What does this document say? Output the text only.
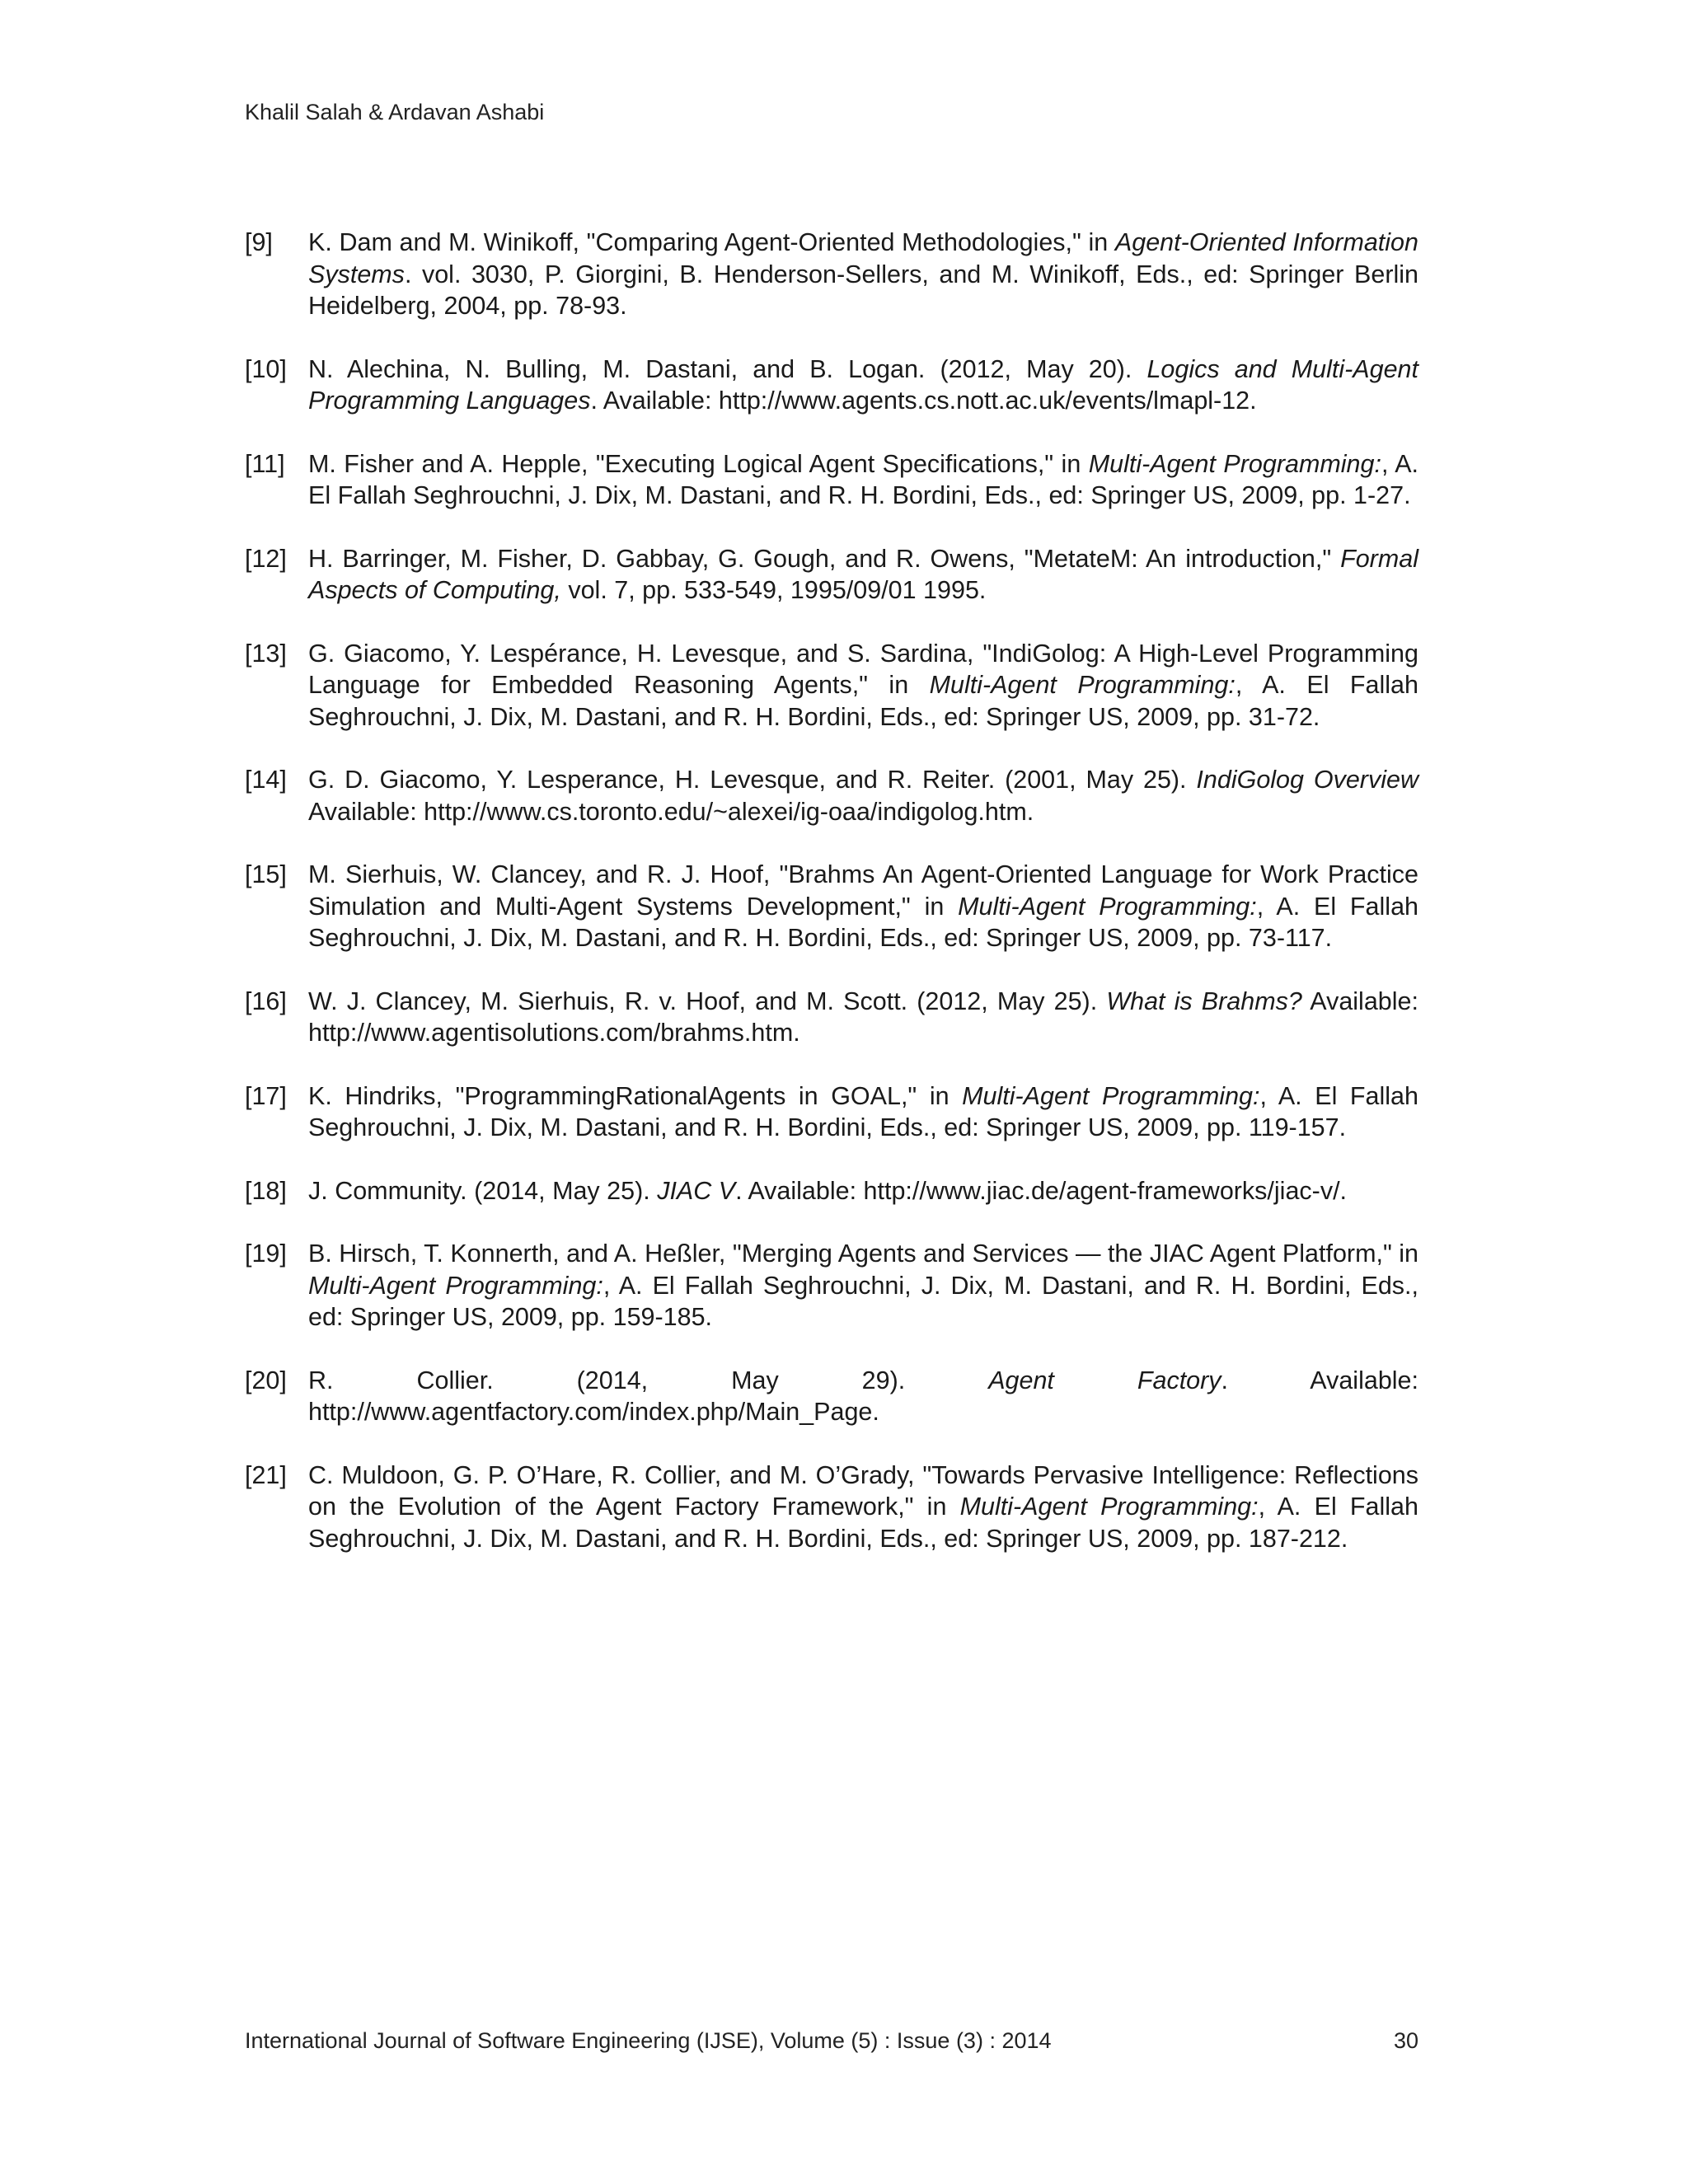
Khalil Salah & Ardavan Ashabi
[9]	K. Dam and M. Winikoff, "Comparing Agent-Oriented Methodologies," in Agent-Oriented Information Systems. vol. 3030, P. Giorgini, B. Henderson-Sellers, and M. Winikoff, Eds., ed: Springer Berlin Heidelberg, 2004, pp. 78-93.
[10] N. Alechina, N. Bulling, M. Dastani, and B. Logan. (2012, May 20). Logics and Multi-Agent Programming Languages. Available: http://www.agents.cs.nott.ac.uk/events/lmapl-12.
[11] M. Fisher and A. Hepple, "Executing Logical Agent Specifications," in Multi-Agent Programming:, A. El Fallah Seghrouchni, J. Dix, M. Dastani, and R. H. Bordini, Eds., ed: Springer US, 2009, pp. 1-27.
[12] H. Barringer, M. Fisher, D. Gabbay, G. Gough, and R. Owens, "MetateM: An introduction," Formal Aspects of Computing, vol. 7, pp. 533-549, 1995/09/01 1995.
[13] G. Giacomo, Y. Lespérance, H. Levesque, and S. Sardina, "IndiGolog: A High-Level Programming Language for Embedded Reasoning Agents," in Multi-Agent Programming:, A. El Fallah Seghrouchni, J. Dix, M. Dastani, and R. H. Bordini, Eds., ed: Springer US, 2009, pp. 31-72.
[14] G. D. Giacomo, Y. Lesperance, H. Levesque, and R. Reiter. (2001, May 25). IndiGolog Overview Available: http://www.cs.toronto.edu/~alexei/ig-oaa/indigolog.htm.
[15] M. Sierhuis, W. Clancey, and R. J. Hoof, "Brahms An Agent-Oriented Language for Work Practice Simulation and Multi-Agent Systems Development," in Multi-Agent Programming:, A. El Fallah Seghrouchni, J. Dix, M. Dastani, and R. H. Bordini, Eds., ed: Springer US, 2009, pp. 73-117.
[16] W. J. Clancey, M. Sierhuis, R. v. Hoof, and M. Scott. (2012, May 25). What is Brahms? Available: http://www.agentisolutions.com/brahms.htm.
[17] K. Hindriks, "ProgrammingRationalAgents in GOAL," in Multi-Agent Programming:, A. El Fallah Seghrouchni, J. Dix, M. Dastani, and R. H. Bordini, Eds., ed: Springer US, 2009, pp. 119-157.
[18] J. Community. (2014, May 25). JIAC V. Available: http://www.jiac.de/agent-frameworks/jiac-v/.
[19] B. Hirsch, T. Konnerth, and A. Heßler, "Merging Agents and Services — the JIAC Agent Platform," in Multi-Agent Programming:, A. El Fallah Seghrouchni, J. Dix, M. Dastani, and R. H. Bordini, Eds., ed: Springer US, 2009, pp. 159-185.
[20] R. Collier. (2014, May 29). Agent Factory. Available: http://www.agentfactory.com/index.php/Main_Page.
[21] C. Muldoon, G. P. O’Hare, R. Collier, and M. O’Grady, "Towards Pervasive Intelligence: Reflections on the Evolution of the Agent Factory Framework," in Multi-Agent Programming:, A. El Fallah Seghrouchni, J. Dix, M. Dastani, and R. H. Bordini, Eds., ed: Springer US, 2009, pp. 187-212.
International Journal of Software Engineering (IJSE), Volume (5) : Issue (3) : 2014	30
